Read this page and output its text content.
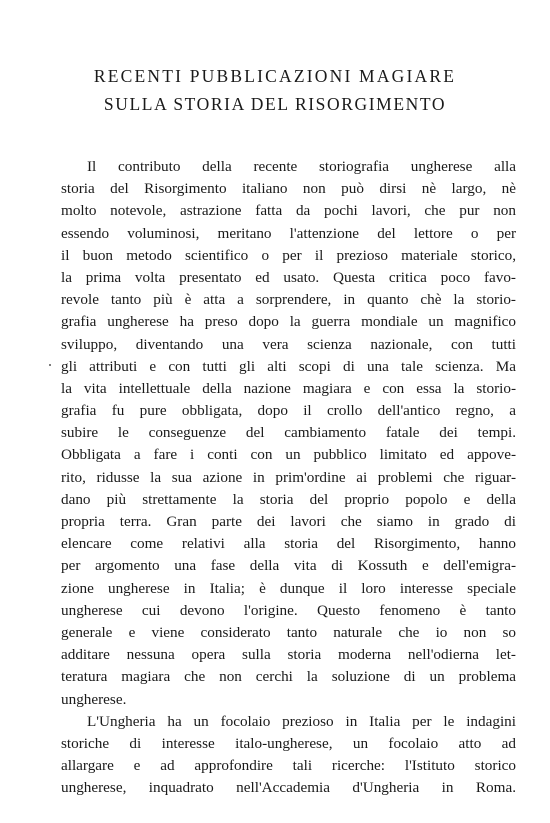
RECENTI PUBBLICAZIONI MAGIARE
SULLA STORIA DEL RISORGIMENTO
Il contributo della recente storiografia ungherese alla
storia del Risorgimento italiano non può dirsi nè largo, nè
molto notevole, astrazione fatta da pochi lavori, che pur non
essendo voluminosi, meritano l'attenzione del lettore o per
il buon metodo scientifico o per il prezioso materiale storico,
la prima volta presentato ed usato. Questa critica poco favo-
revole tanto più è atta a sorprendere, in quanto chè la storio-
grafia ungherese ha preso dopo la guerra mondiale un magnifico
sviluppo, diventando una vera scienza nazionale, con tutti
gli attributi e con tutti gli alti scopi di una tale scienza. Ma
la vita intellettuale della nazione magiara e con essa la storio-
grafia fu pure obbligata, dopo il crollo dell'antico regno, a
subire le conseguenze del cambiamento fatale dei tempi.
Obbligata a fare i conti con un pubblico limitato ed appove-
rito, ridusse la sua azione in prim'ordine ai problemi che riguar-
dano più strettamente la storia del proprio popolo e della
propria terra. Gran parte dei lavori che siamo in grado di
elencare come relativi alla storia del Risorgimento, hanno
per argomento una fase della vita di Kossuth e dell'emigra-
zione ungherese in Italia; è dunque il loro interesse speciale
ungherese cui devono l'origine. Questo fenomeno è tanto
generale e viene considerato tanto naturale che io non so
additare nessuna opera sulla storia moderna nell'odierna let-
teratura magiara che non cerchi la soluzione di un problema
ungherese.
L'Ungheria ha un focolaio prezioso in Italia per le indagini
storiche di interesse italo-ungherese, un focolaio atto ad
allargare e ad approfondire tali ricerche: l'Istituto storico
ungherese, inquadrato nell'Accademia d'Ungheria in Roma.
